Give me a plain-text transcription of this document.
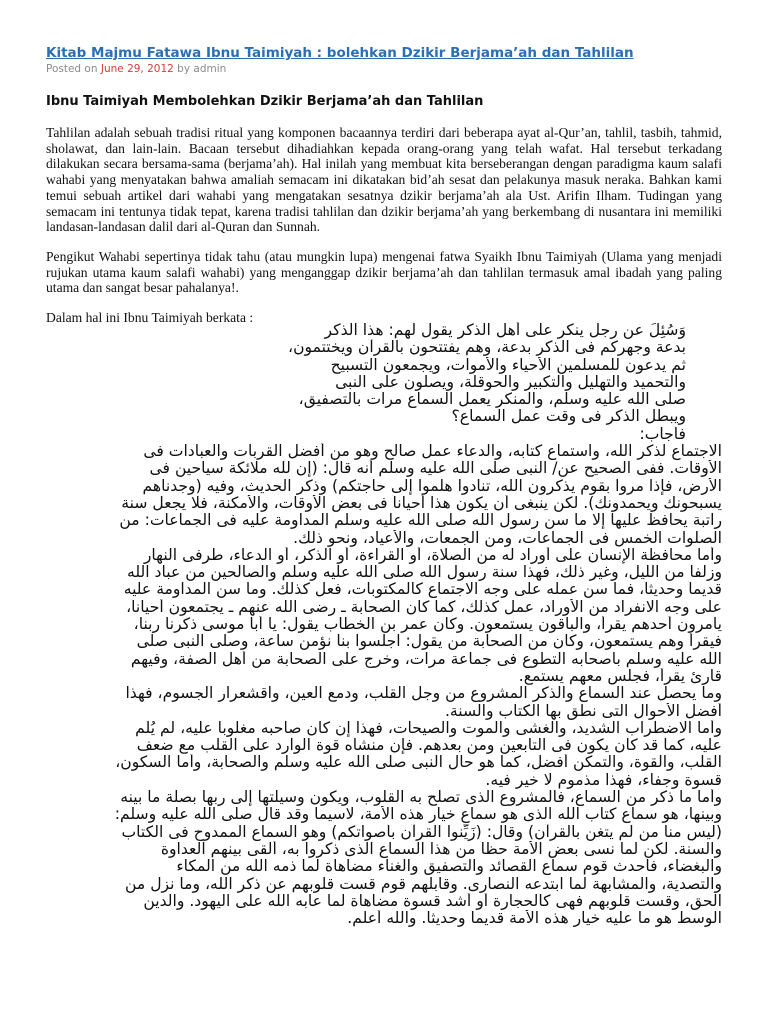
Kitab Majmu Fatawa Ibnu Taimiyah : bolehkan Dzikir Berjama’ah dan Tahlilan
Posted on June 29, 2012 by admin
Ibnu Taimiyah Membolehkan Dzikir Berjama’ah dan Tahlilan
Tahlilan adalah sebuah tradisi ritual yang komponen bacaannya terdiri dari beberapa ayat al-Qur’an, tahlil, tasbih, tahmid, sholawat, dan lain-lain. Bacaan tersebut dihadiahkan kepada orang-orang yang telah wafat. Hal tersebut terkadang dilakukan secara bersama-sama (berjama’ah). Hal inilah yang membuat kita berseberangan dengan paradigma kaum salafi wahabi yang menyatakan bahwa amaliah semacam ini dikatakan bid’ah sesat dan pelakunya masuk neraka. Bahkan kami temui sebuah artikel dari wahabi yang mengatakan sesatnya dzikir berjama’ah ala Ust. Arifin Ilham. Tudingan yang semacam ini tentunya tidak tepat, karena tradisi tahlilan dan dzikir berjama’ah yang berkembang di nusantara ini memiliki landasan-landasan dalil dari al-Quran dan Sunnah.
Pengikut Wahabi sepertinya tidak tahu (atau mungkin lupa) mengenai fatwa Syaikh Ibnu Taimiyah (Ulama yang menjadi rujukan utama kaum salafi wahabi) yang menganggap dzikir berjama’ah dan tahlilan termasuk amal ibadah yang paling utama dan sangat besar pahalanya!.
Dalam hal ini Ibnu Taimiyah berkata :
وَسُئِلَ عن رجل ينكر على أهل الذكر يقول لهم: هذا الذكر
بدعة وجهركم فى الذكر بدعة، وهم يفتتحون بالقرآن ويختتمون،
ثم يدعون للمسلمين الأحياء والأموات، ويجمعون التسبيح
والتحميد والتهليل والتكبير والحوقلة، ويصلون على النبى
صلى الله عليه وسلم، والمنكر يعمل السماع مرات بالتصفيق،
ويبطل الذكر فى وقت عمل السماع؟
فأجاب:
الاجتماع لذكر الله، واستماع كتابه، والدعاء عمل صالح وهو من أفضل القربات والعبادات فى
الأوقات. ففى الصحيح عن/ النبى صلى الله عليه وسلم أنه قال: (إن لله ملائكة سياحين فى
الأرض، فإذا مروا بقوم يذكرون الله، تنادوا هلموا إلى حاجتكم) وذكر الحديث، وفيه (وجدناهم
يسبحونك ويحمدونك). لكن ينبغى أن يكون هذا أحياناً فى بعض الأوقات، والأمكنة، فلا يجعل سنة
راتبة يحافظ عليها إلا ما سن رسول الله صلى الله عليه وسلم المداومة عليه فى الجماعات: من
الصلوات الخمس فى الجماعات، ومن الجمعات، والأعياد، ونحو ذلك.
وأما محافظة الإنسان على أوراد له من الصلاة، أو القراءة، أو الذكر، أو الدعاء، طرفى النهار
وزلفاً من الليل، وغير ذلك، فهذا سنة رسول الله صلى الله عليه وسلم والصالحين من عباد الله
قديماً وحديثاً، فما سن عمله على وجه الاجتماع كالمكتوبات، فعل كذلك. وما سن المداومة عليه
على وجه الانفراد من الأوراد، عمل كذلك، كما كان الصحابة ـ رضى الله عنهم ـ يجتمعون أحياناً،
يأمرون أحدهم يقرأ، والباقون يستمعون. وكان عمر بن الخطاب يقول: يا أبا موسى ذكرنا ربنا،
فيقرأ وهم يستمعون، وكان من الصحابة من يقول: اجلسوا بنا نؤمن ساعة، وصلى النبى صلى
الله عليه وسلم بأصحابه التطوع فى جماعة مرات، وخرج على الصحابة من أهل الصفة، وفيهم
قارئ يقرأ، فجلس معهم يستمع.
وما يحصل عند السماع والذكر المشروع من وجل القلب، ودمع العين، واقشعرار الجسوم، فهذا
أفضل الأحوال التى نطق بها الكتاب والسنة.
وأما الاضطراب الشديد، والغشى والموت والصيحات، فهذا إن كان صاحبه مغلوبا عليه، لم يُلَم
عليه، كما قد كان يكون فى التابعين ومن بعدهم. فإن منشأه قوة الوارد على القلب مع ضعف
القلب، والقوة، والتمكن أفضل، كما هو حال النبى صلى الله عليه وسلم والصحابة، وأما السكون،
قسوة وجفاء، فهذا مذموم لا خير فيه.
وأما ما ذكر من السماع، فالمشروع الذى تصلح به القلوب، ويكون وسيلتها إلى ربها بصلة ما بينه
وبينها، هو سماع كتاب الله الذى هو سماع خيار هذه الأمة، لاسيما وقد قال صلى الله عليه وسلم:
(ليس منا من لم يتغن بالقرآن) وقال: (زَيِّنوا القرآن بأصواتكم) وهو السماع الممدوح فى الكتاب
والسنة. لكن لما نسى بعض الأمة حظاً من هذا السماع الذى ذكروا به، ألقى بينهم العداوة
والبغضاء، فأحدث قوم سماع القصائد والتصفيق والغناء مضاهاة لما ذمه الله من المكاء
والتصدية، والمشابهة لما ابتدعه النصارى. وقابلهم قوم قست قلوبهم عن ذكر الله، وما نزل من
الحق، وقست قلوبهم فهى كالحجارة أو أشد قسوة مضاهاة لما عابه الله على اليهود. والدين
الوسط هو ما عليه خيار هذه الأمة قديماً وحديثاً. والله أعلم.
